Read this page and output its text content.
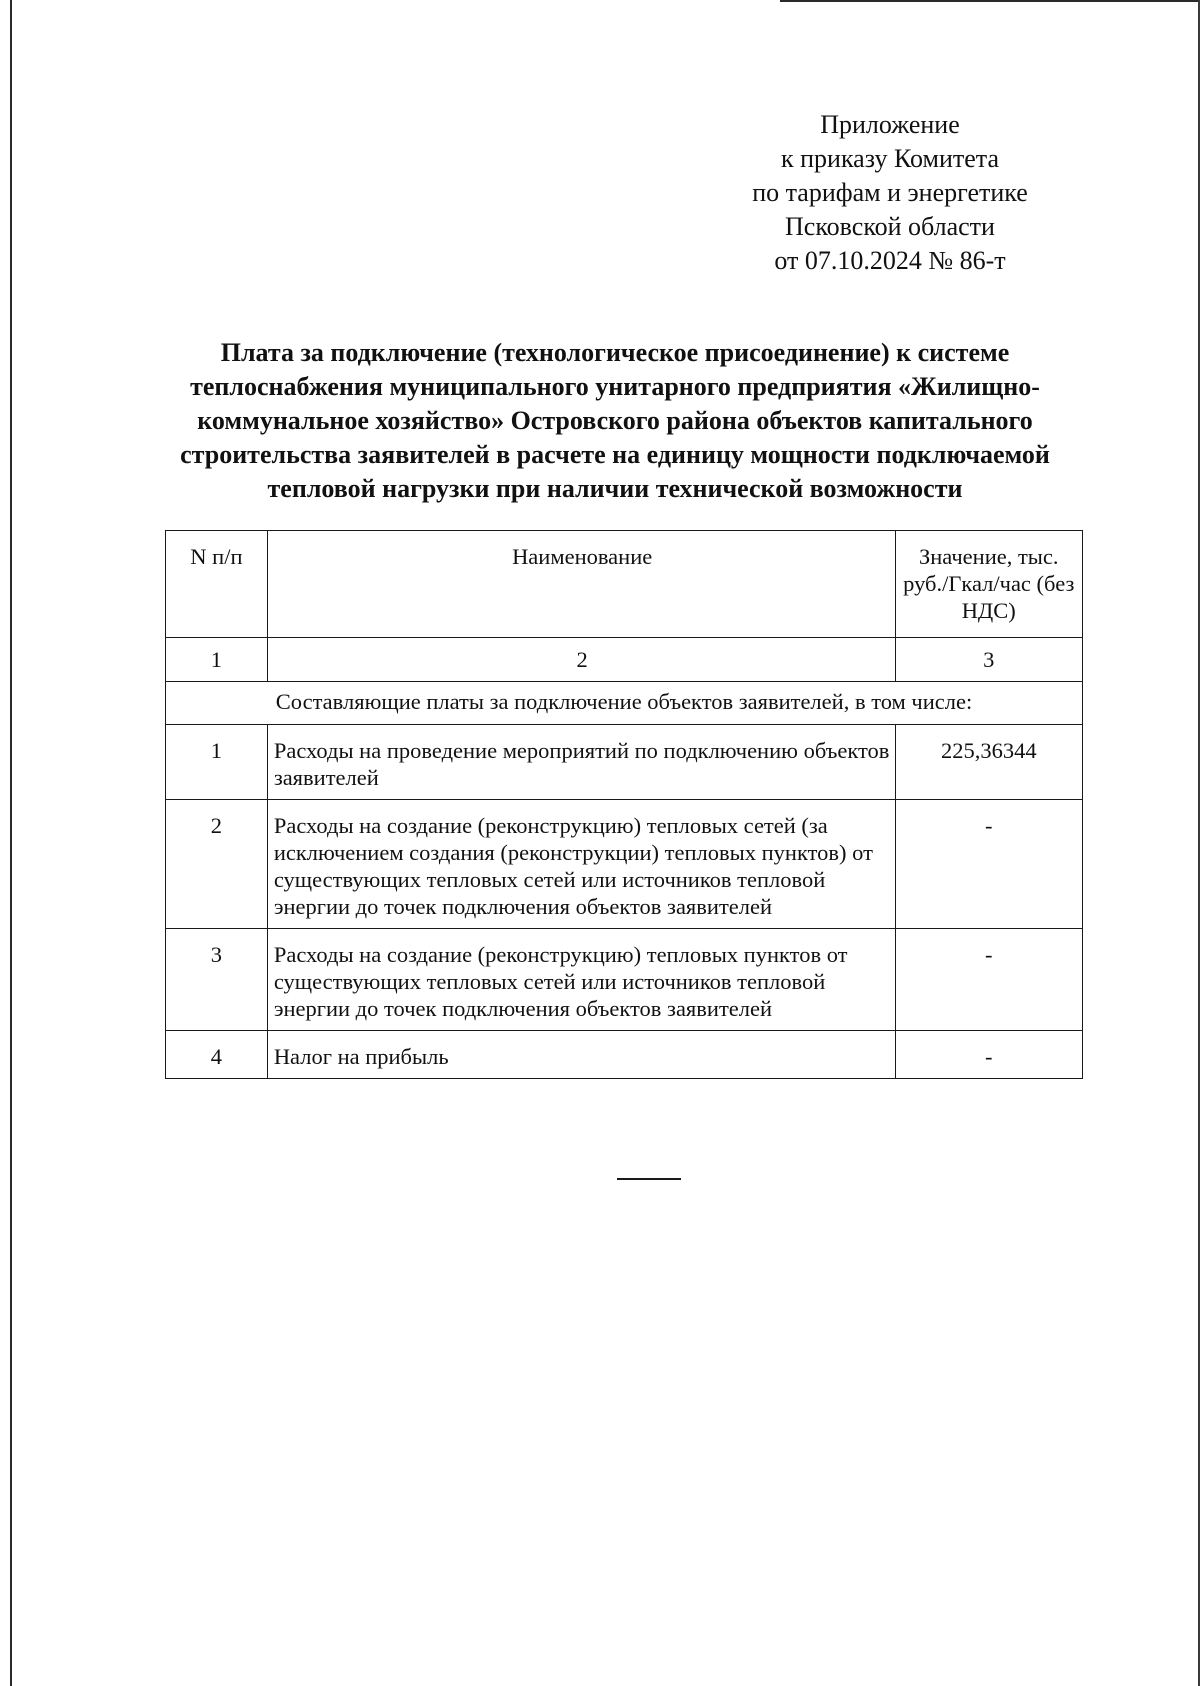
Приложение
к приказу Комитета
по тарифам и энергетике
Псковской области
от 07.10.2024 № 86-т
Плата за подключение (технологическое присоединение) к системе
теплоснабжения муниципального унитарного предприятия «Жилищно-
коммунальное хозяйство» Островского района объектов капитального
строительства заявителей в расчете на единицу мощности подключаемой
тепловой нагрузки при наличии технической возможности
N п/п	Наименование	Значение, тыс. руб./Гкал/час (без НДС)
1	2	3
Составляющие платы за подключение объектов заявителей, в том числе:		
1	Расходы на проведение мероприятий по подключению объектов заявителей	225,36344
2	Расходы на создание (реконструкцию) тепловых сетей (за исключением создания (реконструкции) тепловых пунктов) от существующих тепловых сетей или источников тепловой энергии до точек подключения объектов заявителей	-
3	Расходы на создание (реконструкцию) тепловых пунктов от существующих тепловых сетей или источников тепловой энергии до точек подключения объектов заявителей	-
4	Налог на прибыль	-
